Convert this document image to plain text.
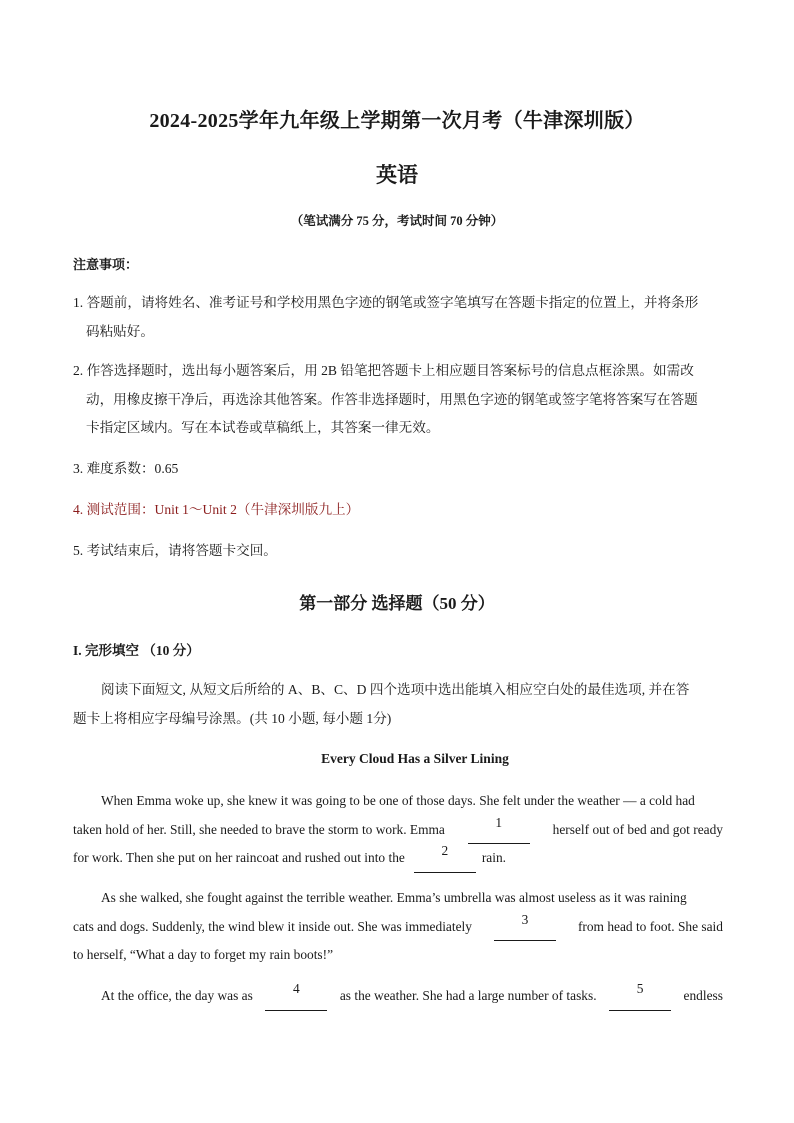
2024-2025学年九年级上学期第一次月考（牛津深圳版）
英语
（笔试满分 75 分，考试时间 70 分钟）
注意事项：
1. 答题前，请将姓名、准考证号和学校用黑色字迹的钢笔或签字笔填写在答题卡指定的位置上，并将条形
码粘贴好。
2. 作答选择题时，选出每小题答案后，用 2B 铅笔把答题卡上相应题目答案标号的信息点框涂黑。如需改
动，用橡皮擦干净后，再选涂其他答案。作答非选择题时，用黑色字迹的钢笔或签字笔将答案写在答题
卡指定区域内。写在本试卷或草稿纸上，其答案一律无效。
3. 难度系数：0.65
4. 测试范围：Unit 1～Unit 2（牛津深圳版九上）
5. 考试结束后，请将答题卡交回。
第一部分 选择题（50 分）
I. 完形填空 （10 分）
阅读下面短文, 从短文后所给的 A、B、C、D 四个选项中选出能填入相应空白处的最佳选项, 并在答
题卡上将相应字母编号涂黑。(共 10 小题, 每小题 1分)
Every Cloud Has a Silver Lining
When Emma woke up, she knew it was going to be one of those days. She felt under the weather — a cold had
taken hold of her. Still, she needed to brave the storm to work. Emma	1	herself out of bed and got ready
for work. Then she put on her raincoat and rushed out into the	2	rain.
As she walked, she fought against the terrible weather. Emma’s umbrella was almost useless as it was raining
cats and dogs. Suddenly, the wind blew it inside out. She was immediately	3	from head to foot. She said
to herself, “What a day to forget my rain boots!”
At the office, the day was as	4	as the weather. She had a large number of tasks.	5	endless
